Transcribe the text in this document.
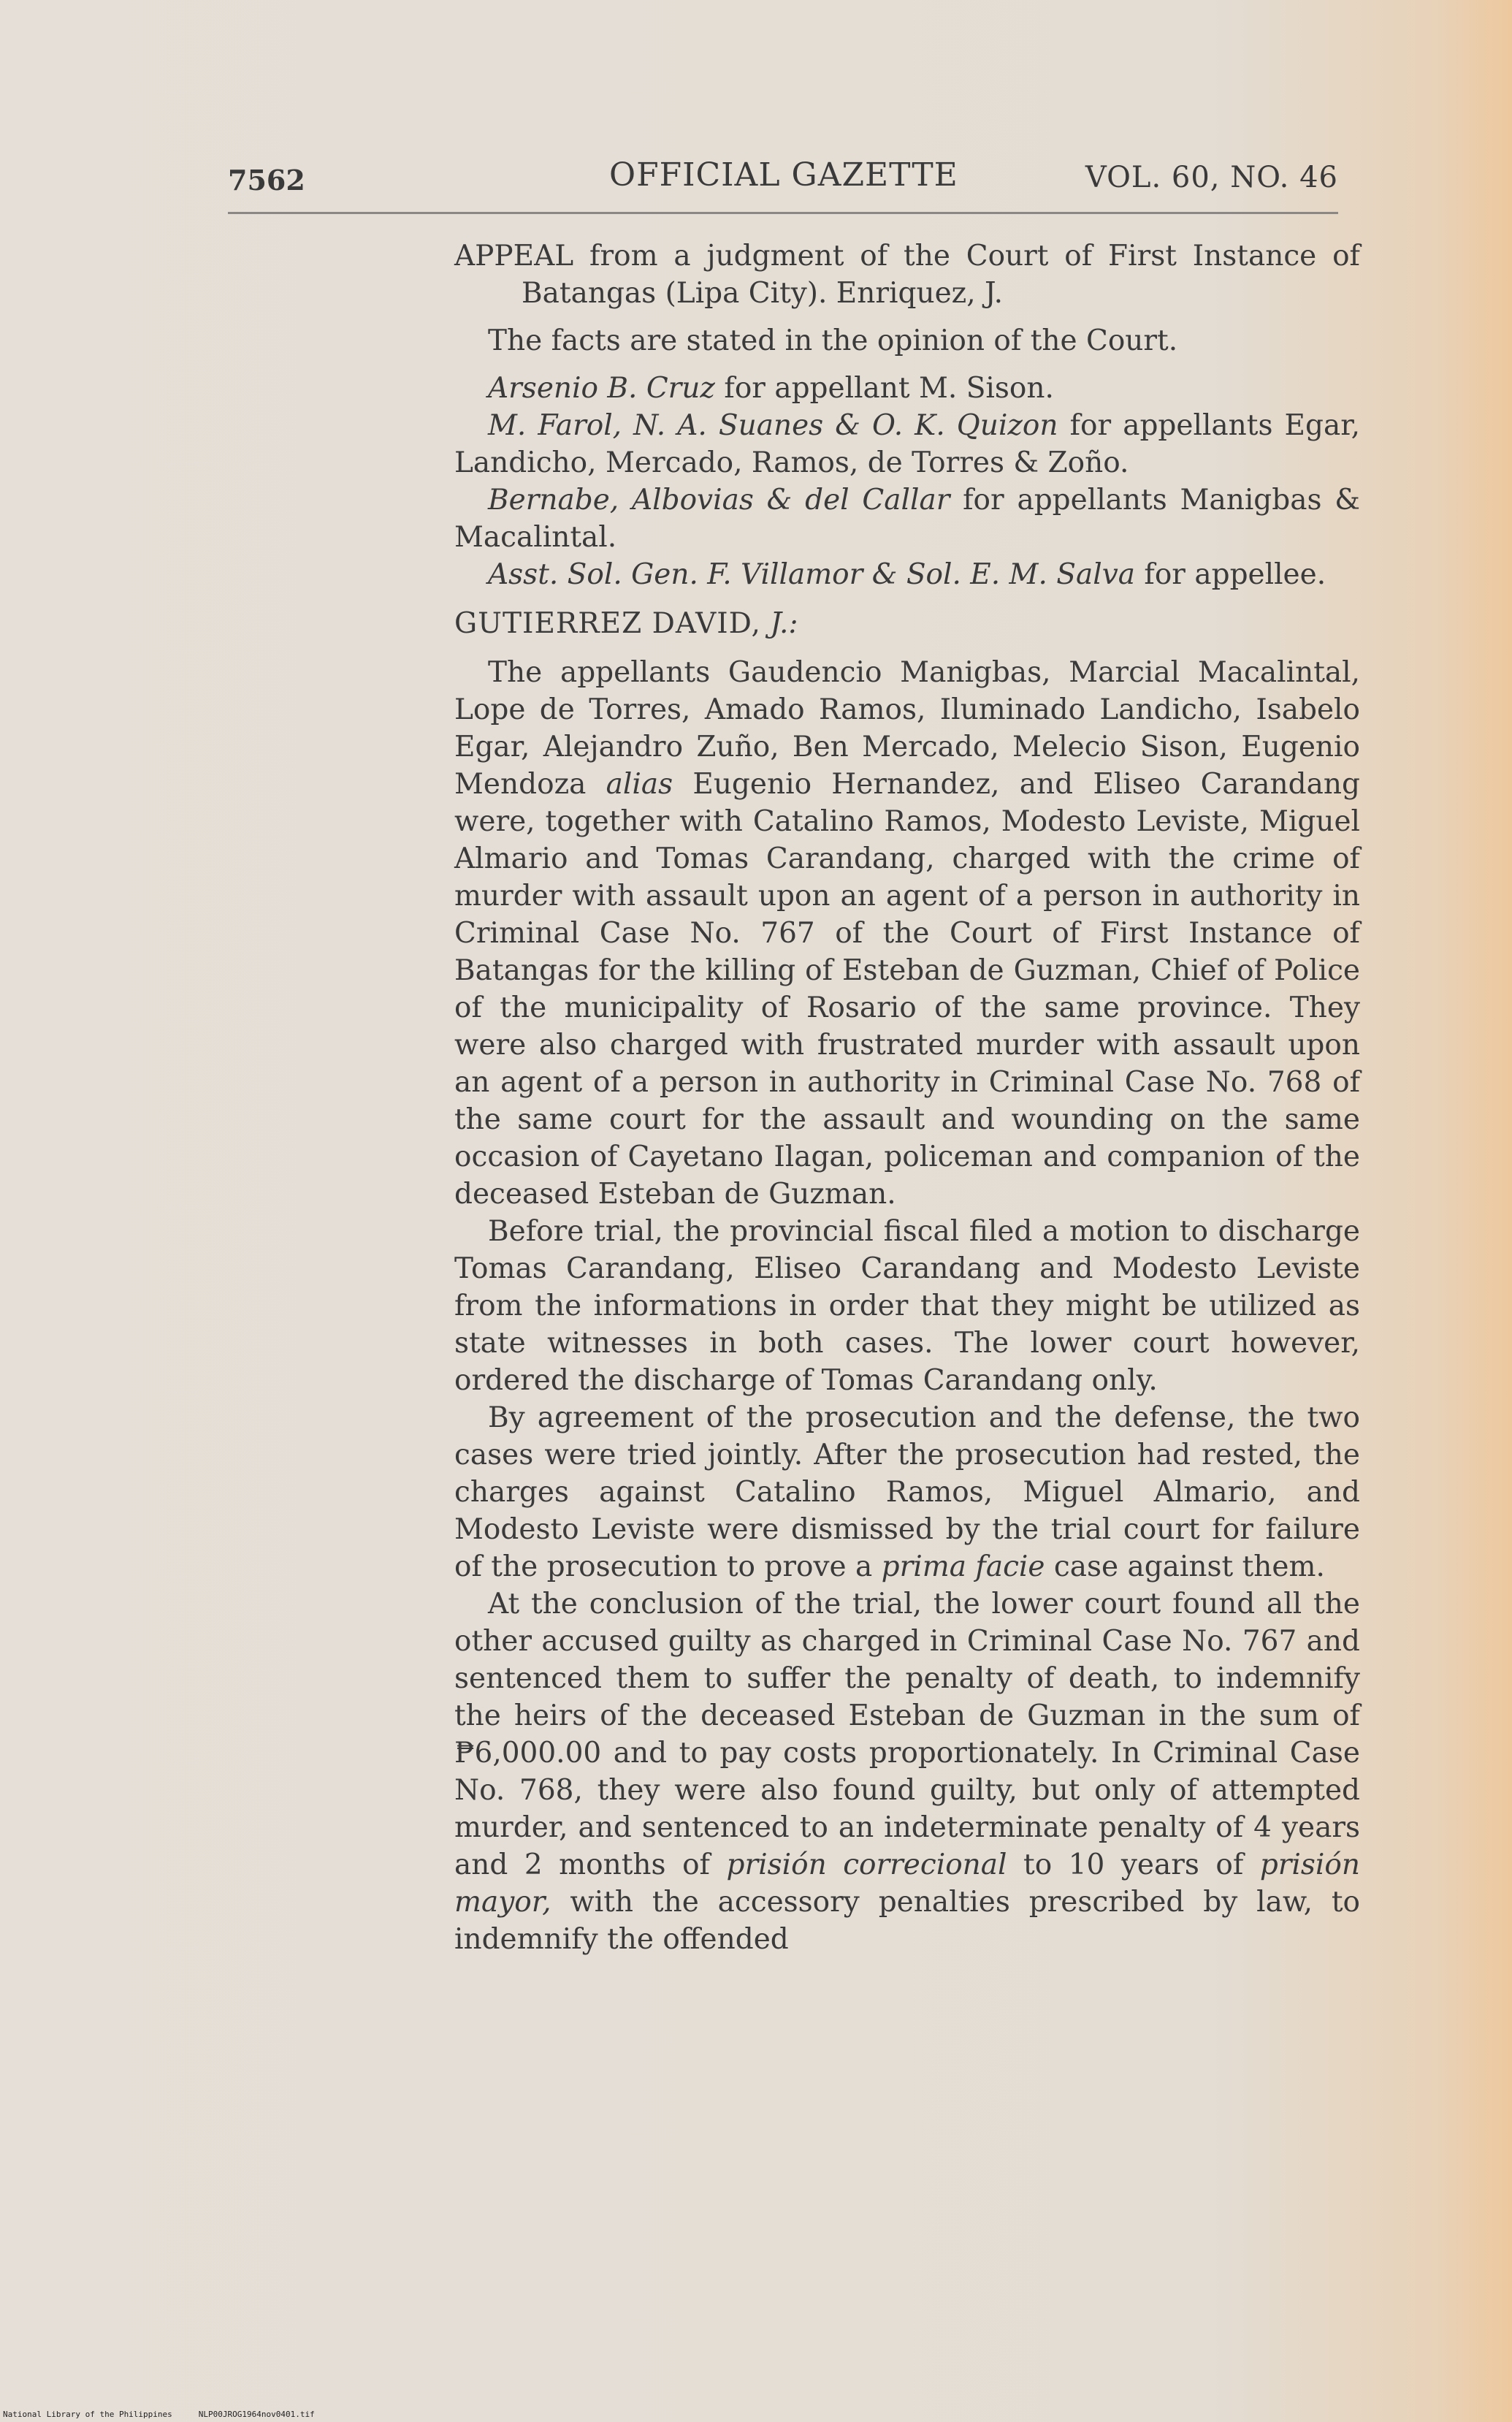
7562	OFFICIAL GAZETTE	VOL. 60, NO. 46

APPEAL from a judgment of the Court of First Instance of Batangas (Lipa City). Enriquez, J.

The facts are stated in the opinion of the Court.

Arsenio B. Cruz for appellant M. Sison.

M. Farol, N. A. Suanes & O. K. Quizon for appellants Egar, Landicho, Mercado, Ramos, de Torres & Zoño.

Bernabe, Albovias & del Callar for appellants Manigbas & Macalintal.

Asst. Sol. Gen. F. Villamor & Sol. E. M. Salva for appellee.

GUTIERREZ DAVID, J.:

The appellants Gaudencio Manigbas, Marcial Macalintal, Lope de Torres, Amado Ramos, Iluminado Landicho, Isabelo Egar, Alejandro Zuño, Ben Mercado, Melecio Sison, Eugenio Mendoza alias Eugenio Hernandez, and Eliseo Carandang were, together with Catalino Ramos, Modesto Leviste, Miguel Almario and Tomas Carandang, charged with the crime of murder with assault upon an agent of a person in authority in Criminal Case No. 767 of the Court of First Instance of Batangas for the killing of Esteban de Guzman, Chief of Police of the municipality of Rosario of the same province. They were also charged with frustrated murder with assault upon an agent of a person in authority in Criminal Case No. 768 of the same court for the assault and wounding on the same occasion of Cayetano Ilagan, policeman and companion of the deceased Esteban de Guzman.

Before trial, the provincial fiscal filed a motion to discharge Tomas Carandang, Eliseo Carandang and Modesto Leviste from the informations in order that they might be utilized as state witnesses in both cases. The lower court however, ordered the discharge of Tomas Carandang only.

By agreement of the prosecution and the defense, the two cases were tried jointly. After the prosecution had rested, the charges against Catalino Ramos, Miguel Almario, and Modesto Leviste were dismissed by the trial court for failure of the prosecution to prove a prima facie case against them.

At the conclusion of the trial, the lower court found all the other accused guilty as charged in Criminal Case No. 767 and sentenced them to suffer the penalty of death, to indemnify the heirs of the deceased Esteban de Guzman in the sum of ₱6,000.00 and to pay costs proportionately. In Criminal Case No. 768, they were also found guilty, but only of attempted murder, and sentenced to an indeterminate penalty of 4 years and 2 months of prisión correcional to 10 years of prisión mayor, with the accessory penalties prescribed by law, to indemnify the offended

National Library of the Philippines	NLP00JROG1964nov0401.tif
